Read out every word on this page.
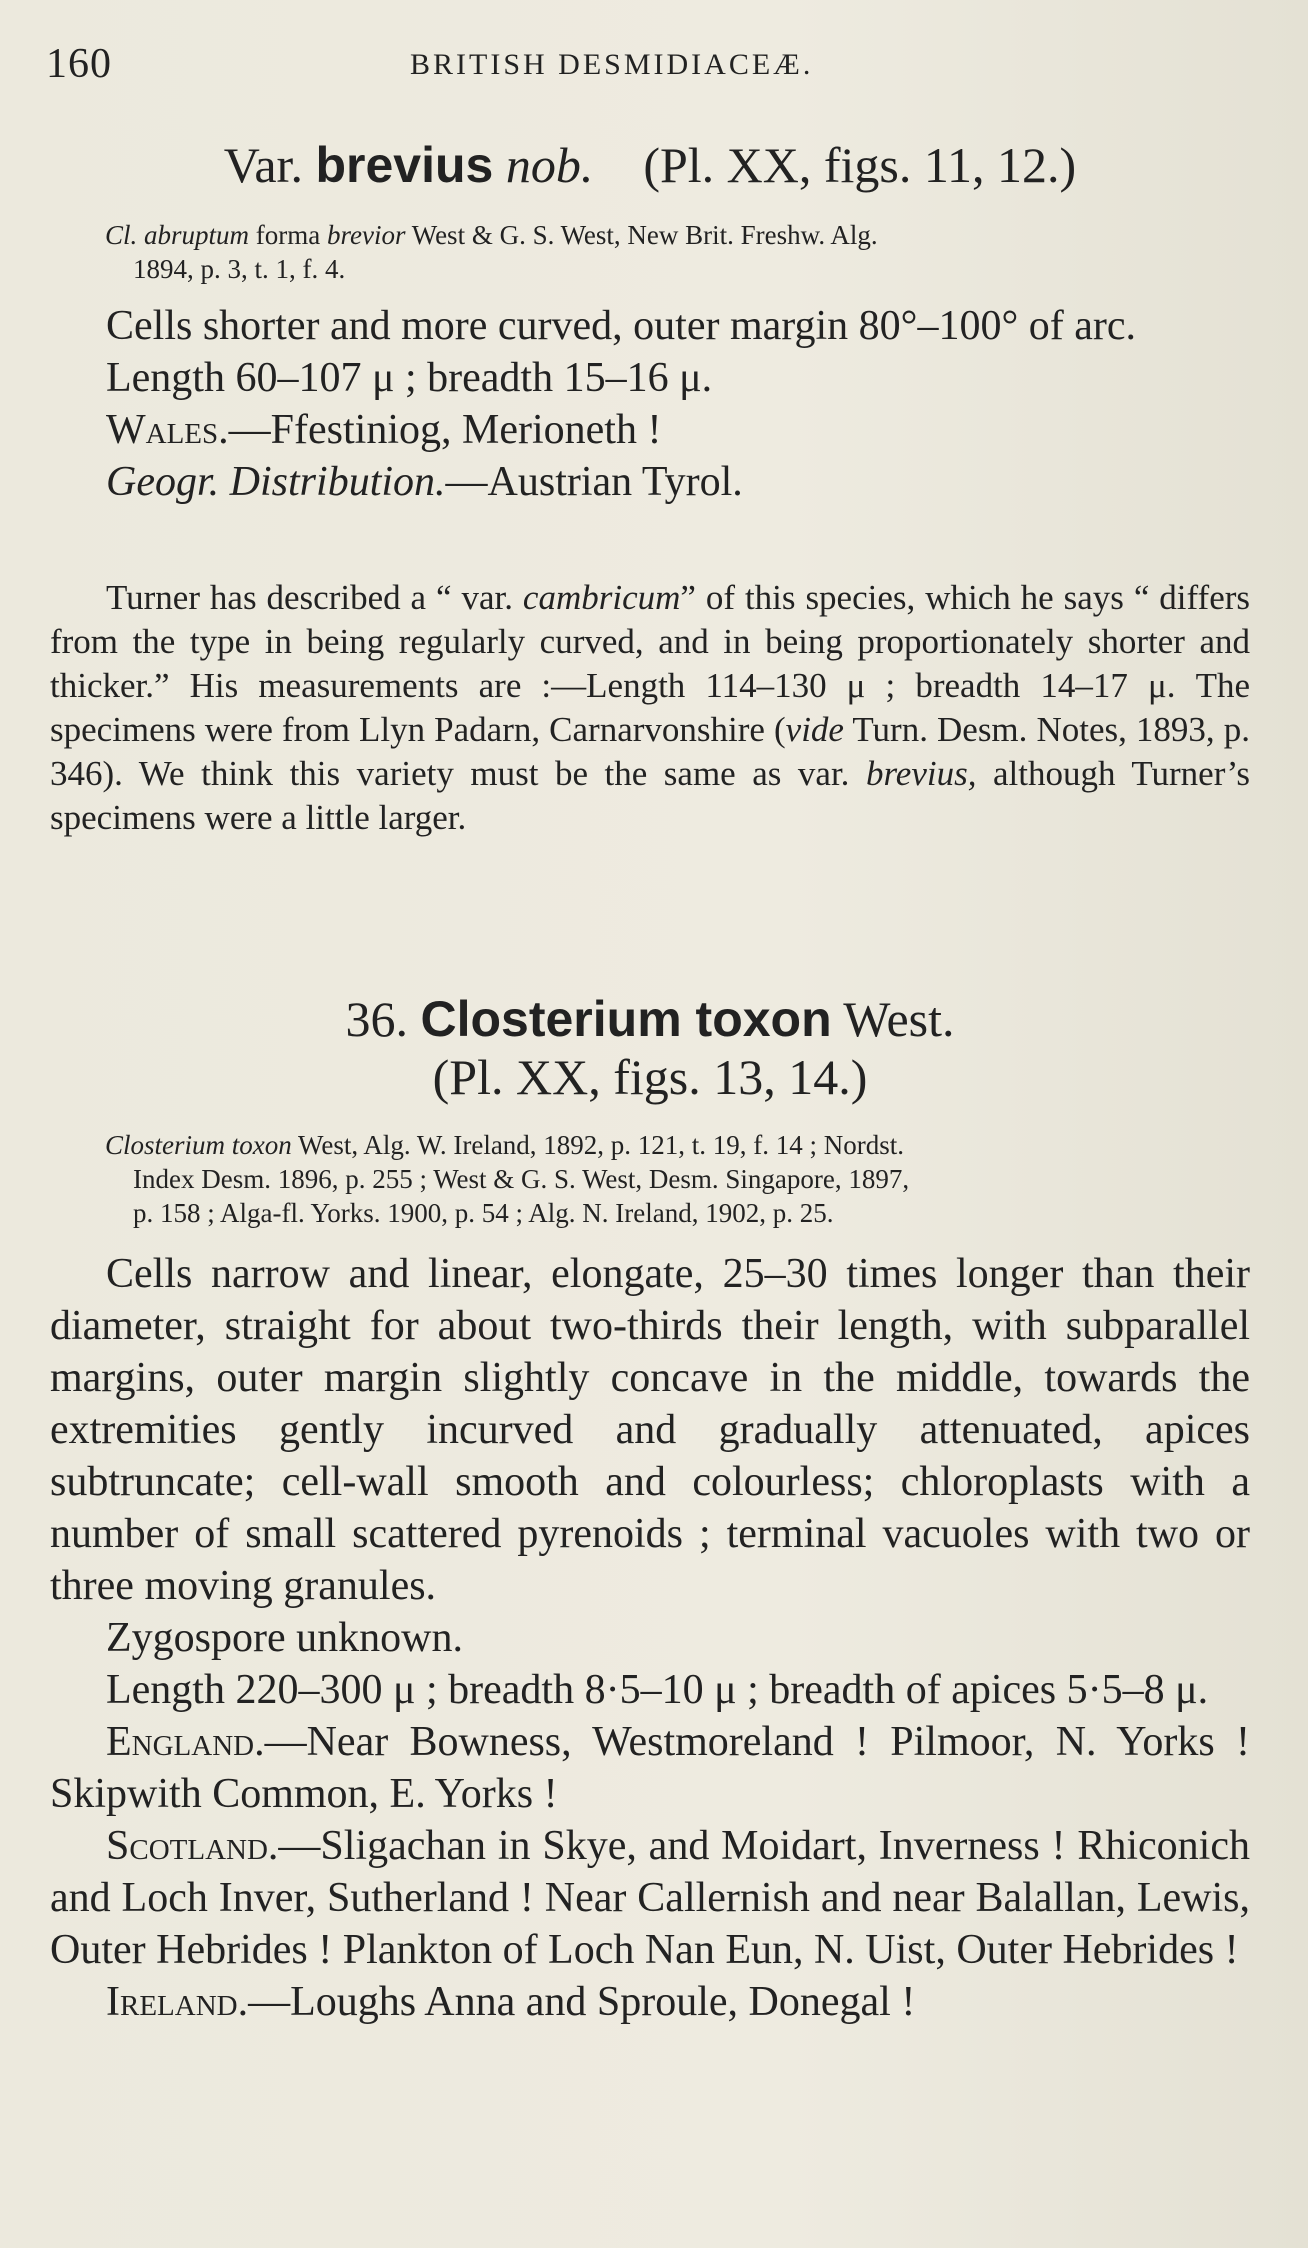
160	BRITISH DESMIDIACEÆ.
Var. brevius nob. (Pl. XX, figs. 11, 12.)

Cl. abruptum forma brevior West & G. S. West, New Brit. Freshw. Alg.

1894, p. 3, t. 1, f. 4.

Cells shorter and more curved, outer margin 80°–100° of arc.

Length 60–107 μ ; breadth 15–16 μ.

Wales.—Ffestiniog, Merioneth !

Geogr. Distribution.—Austrian Tyrol.

Turner has described a “ var. cambricum” of this species, which he says “ differs from the type in being regularly curved, and in being proportionately shorter and thicker.” His measurements are :—Length 114–130 μ ; breadth 14–17 μ. The specimens were from Llyn Padarn, Carnarvonshire (vide Turn. Desm. Notes, 1893, p. 346). We think this variety must be the same as var. brevius, although Turner’s specimens were a little larger.

36. Closterium toxon West.
(Pl. XX, figs. 13, 14.)

Closterium toxon West, Alg. W. Ireland, 1892, p. 121, t. 19, f. 14 ; Nordst.

Index Desm. 1896, p. 255 ; West & G. S. West, Desm. Singapore, 1897,

p. 158 ; Alga-fl. Yorks. 1900, p. 54 ; Alg. N. Ireland, 1902, p. 25.

Cells narrow and linear, elongate, 25–30 times longer than their diameter, straight for about two-thirds their length, with subparallel margins, outer margin slightly concave in the middle, towards the extremities gently incurved and gradually attenuated, apices subtruncate; cell-wall smooth and colourless; chloroplasts with a number of small scattered pyrenoids ; terminal vacuoles with two or three moving granules.

Zygospore unknown.

Length 220–300 μ ; breadth 8·5–10 μ ; breadth of apices 5·5–8 μ.

England.—Near Bowness, Westmoreland ! Pilmoor, N. Yorks ! Skipwith Common, E. Yorks !

Scotland.—Sligachan in Skye, and Moidart, Inverness ! Rhiconich and Loch Inver, Sutherland ! Near Callernish and near Balallan, Lewis, Outer Hebrides ! Plankton of Loch Nan Eun, N. Uist, Outer Hebrides !

Ireland.—Loughs Anna and Sproule, Donegal !
